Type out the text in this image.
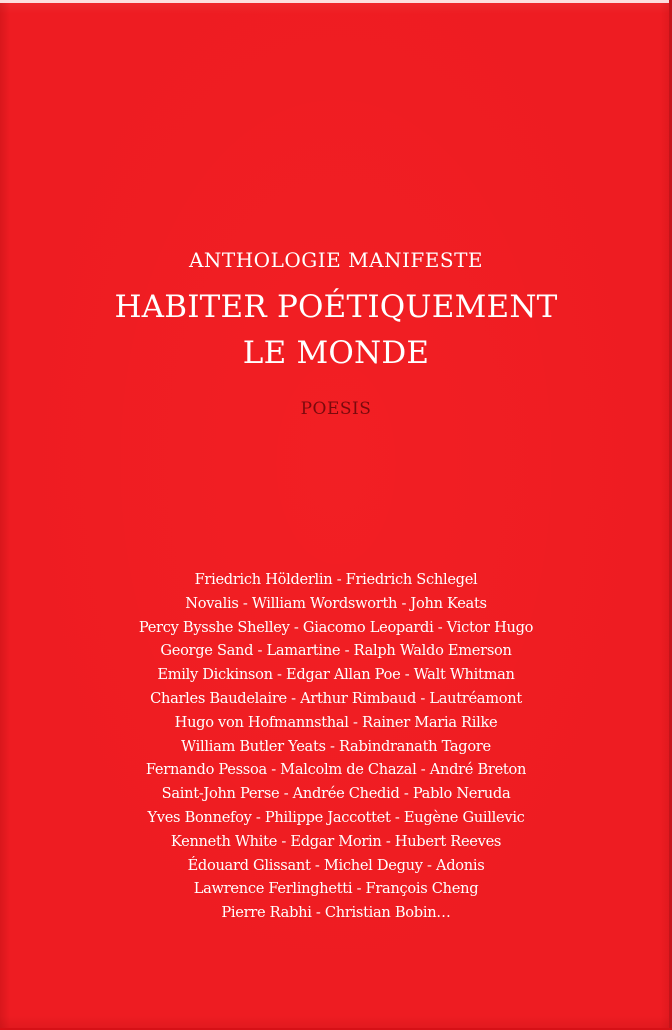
ANTHOLOGIE MANIFESTE
HABITER POÉTIQUEMENT
LE MONDE
POESIS
Friedrich Hölderlin - Friedrich Schlegel
Novalis - William Wordsworth - John Keats
Percy Bysshe Shelley - Giacomo Leopardi - Victor Hugo
George Sand - Lamartine - Ralph Waldo Emerson
Emily Dickinson - Edgar Allan Poe - Walt Whitman
Charles Baudelaire - Arthur Rimbaud - Lautréamont
Hugo von Hofmannsthal - Rainer Maria Rilke
William Butler Yeats - Rabindranath Tagore
Fernando Pessoa - Malcolm de Chazal - André Breton
Saint-John Perse - Andrée Chedid - Pablo Neruda
Yves Bonnefoy - Philippe Jaccottet - Eugène Guillevic
Kenneth White - Edgar Morin - Hubert Reeves
Édouard Glissant - Michel Deguy - Adonis
Lawrence Ferlinghetti - François Cheng
Pierre Rabhi - Christian Bobin…
